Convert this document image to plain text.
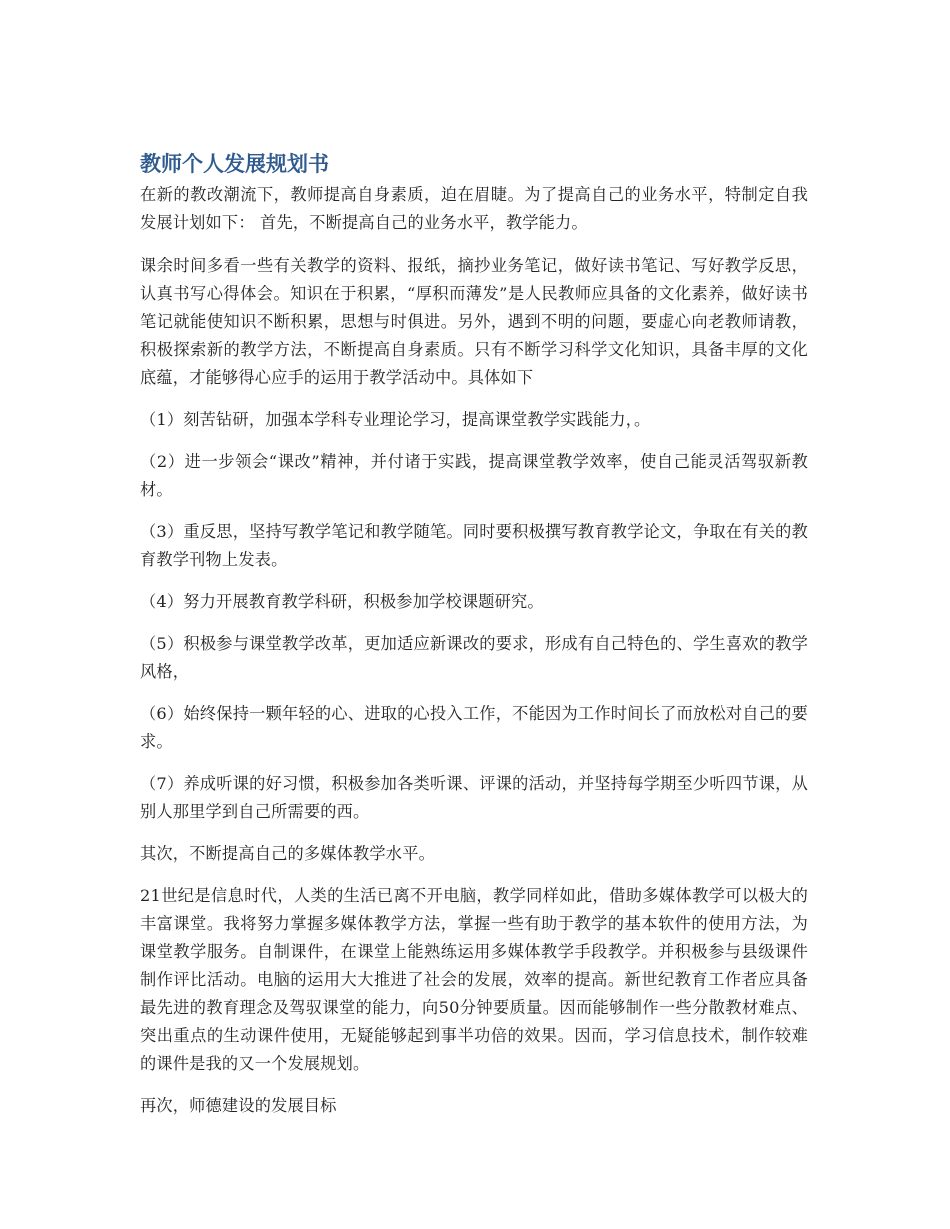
教师个人发展规划书

在新的教改潮流下，教师提高自身素质，迫在眉睫。为了提高自己的业务水平，特制定自我发展计划如下： 首先，不断提高自己的业务水平，教学能力。

课余时间多看一些有关教学的资料、报纸，摘抄业务笔记，做好读书笔记、写好教学反思，认真书写心得体会。知识在于积累，“厚积而薄发”是人民教师应具备的文化素养，做好读书笔记就能使知识不断积累，思想与时俱进。另外，遇到不明的问题，要虚心向老教师请教，积极探索新的教学方法，不断提高自身素质。只有不断学习科学文化知识，具备丰厚的文化底蕴，才能够得心应手的运用于教学活动中。具体如下

（1）刻苦钻研，加强本学科专业理论学习，提高课堂教学实践能力，。

（2）进一步领会“课改”精神，并付诸于实践，提高课堂教学效率，使自己能灵活驾驭新教材。

（3）重反思，坚持写教学笔记和教学随笔。同时要积极撰写教育教学论文，争取在有关的教育教学刊物上发表。

（4）努力开展教育教学科研，积极参加学校课题研究。

（5）积极参与课堂教学改革，更加适应新课改的要求，形成有自己特色的、学生喜欢的教学风格，

（6）始终保持一颗年轻的心、进取的心投入工作，不能因为工作时间长了而放松对自己的要求。

（7）养成听课的好习惯，积极参加各类听课、评课的活动，并坚持每学期至少听四节课，从别人那里学到自己所需要的西。

其次，不断提高自己的多媒体教学水平。

21世纪是信息时代，人类的生活已离不开电脑，教学同样如此，借助多媒体教学可以极大的丰富课堂。我将努力掌握多媒体教学方法，掌握一些有助于教学的基本软件的使用方法，为课堂教学服务。自制课件，在课堂上能熟练运用多媒体教学手段教学。并积极参与县级课件制作评比活动。电脑的运用大大推进了社会的发展，效率的提高。新世纪教育工作者应具备最先进的教育理念及驾驭课堂的能力，向50分钟要质量。因而能够制作一些分散教材难点、突出重点的生动课件使用，无疑能够起到事半功倍的效果。因而，学习信息技术，制作较难的课件是我的又一个发展规划。

再次，师德建设的发展目标
